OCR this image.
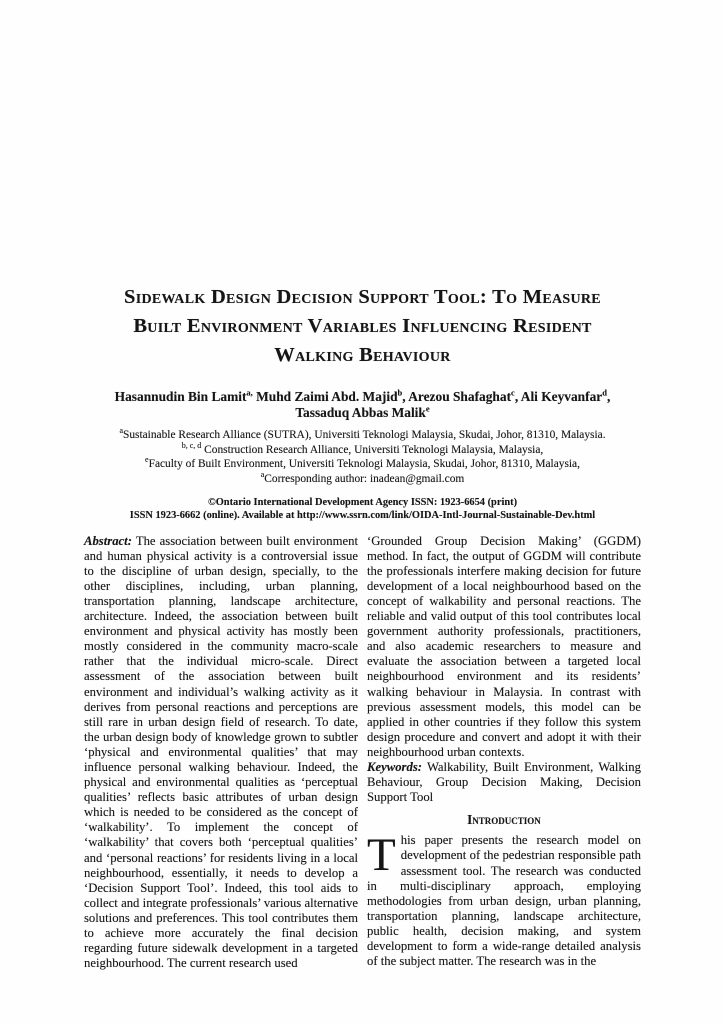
Sidewalk Design Decision Support Tool: To Measure
Built Environment Variables Influencing Resident
Walking Behaviour
Hasannudin Bin Lamit$^{a,}$ Muhd Zaimi Abd. Majid$^b$, Arezou Shafaghat$^c$, Ali Keyvanfar$^d$,
Tassaduq Abbas Malik$^e$
$^a$Sustainable Research Alliance (SUTRA), Universiti Teknologi Malaysia, Skudai, Johor, 81310, Malaysia.
$^{b, c, d}$ Construction Research Alliance, Universiti Teknologi Malaysia, Malaysia,
$^e$Faculty of Built Environment, Universiti Teknologi Malaysia, Skudai, Johor, 81310, Malaysia,
$^a$Corresponding author: inadean@gmail.com
©Ontario International Development Agency ISSN: 1923-6654 (print)
ISSN 1923-6662 (online). Available at http://www.ssrn.com/link/OIDA-Intl-Journal-Sustainable-Dev.html

Abstract: The association between built environment and human physical activity is a controversial issue to the discipline of urban design, specially, to the other disciplines, including, urban planning, transportation planning, landscape architecture, architecture. Indeed, the association between built environment and physical activity has mostly been mostly considered in the community macro-scale rather that the individual micro-scale. Direct assessment of the association between built environment and individual’s walking activity as it derives from personal reactions and perceptions are still rare in urban design field of research. To date, the urban design body of knowledge grown to subtler ‘physical and environmental qualities’ that may influence personal walking behaviour. Indeed, the physical and environmental qualities as ‘perceptual qualities’ reflects basic attributes of urban design which is needed to be considered as the concept of ‘walkability’. To implement the concept of ‘walkability’ that covers both ‘perceptual qualities’ and ‘personal reactions’ for residents living in a local neighbourhood, essentially, it needs to develop a ‘Decision Support Tool’. Indeed, this tool aids to collect and integrate professionals’ various alternative solutions and preferences. This tool contributes them to achieve more accurately the final decision regarding future sidewalk development in a targeted neighbourhood. The current research used

‘Grounded Group Decision Making’ (GGDM) method. In fact, the output of GGDM will contribute the professionals interfere making decision for future development of a local neighbourhood based on the concept of walkability and personal reactions. The reliable and valid output of this tool contributes local government authority professionals, practitioners, and also academic researchers to measure and evaluate the association between a targeted local neighbourhood environment and its residents’ walking behaviour in Malaysia. In contrast with previous assessment models, this model can be applied in other countries if they follow this system design procedure and convert and adopt it with their neighbourhood urban contexts.

Keywords: Walkability, Built Environment, Walking Behaviour, Group Decision Making, Decision Support Tool

Introduction

This paper presents the research model on development of the pedestrian responsible path assessment tool. The research was conducted in multi-disciplinary approach, employing methodologies from urban design, urban planning, transportation planning, landscape architecture, public health, decision making, and system development to form a wide-range detailed analysis of the subject matter. The research was in the
